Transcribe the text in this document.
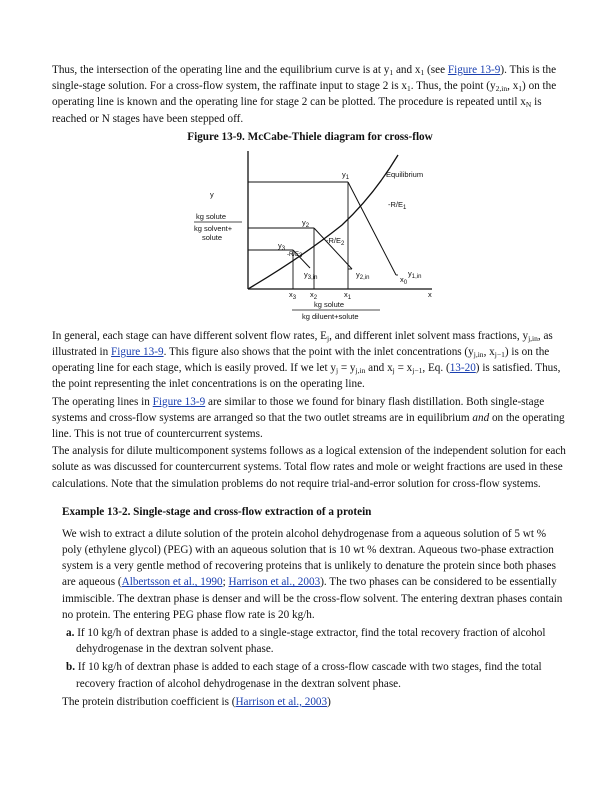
Thus, the intersection of the operating line and the equilibrium curve is at $y_1$ and $x_1$ (see Figure 13-9). This is the single-stage solution. For a cross-flow system, the raffinate input to stage 2 is $x_1$. Thus, the point ($y_{2,in}$, $x_1$) on the operating line is known and the operating line for stage 2 can be plotted. The procedure is repeated until $x_N$ is reached or N stages have been stepped off.

Figure 13-9. McCabe-Thiele diagram for cross-flow

Equilibrium
y
kg solute
kg solvent+
solute
$y_1$
$y_2$
$y_3$
-R/E3
$-R/E_2$
$-R/E_1$
$y_{3,in}$	$y_{2,in}$	$y_{1,in}$
$x_3$ $x_2$	$x_1$
$x_0$
x
kg solute
kg diluent+solute

In general, each stage can have different solvent flow rates, $E_j$, and different inlet solvent mass fractions, $y_{j,in}$, as illustrated in Figure 13-9. This figure also shows that the point with the inlet concentrations ($y_{j,in}$, $x_{j-1}$) is on the operating line for each stage, which is easily proved. If we let $y_j = y_{j,in}$ and $x_j = x_{j-1}$, Eq. (13-20) is satisfied. Thus, the point representing the inlet concentrations is on the operating line.

The operating lines in Figure 13-9 are similar to those we found for binary flash distillation. Both single-stage systems and cross-flow systems are arranged so that the two outlet streams are in equilibrium and on the operating line. This is not true of countercurrent systems.

The analysis for dilute multicomponent systems follows as a logical extension of the independent solution for each solute as was discussed for countercurrent systems. Total flow rates and mole or weight fractions are used in these calculations. Note that the simulation problems do not require trial-and-error solution for cross-flow systems.

Example 13-2. Single-stage and cross-flow extraction of a protein

We wish to extract a dilute solution of the protein alcohol dehydrogenase from a aqueous solution of 5 wt % poly (ethylene glycol) (PEG) with an aqueous solution that is 10 wt % dextran. Aqueous two-phase extraction system is a very gentle method of recovering proteins that is unlikely to denature the protein since both phases are aqueous (Albertsson et al., 1990; Harrison et al., 2003). The two phases can be considered to be essentially immiscible. The dextran phase is denser and will be the cross-flow solvent. The entering dextran phases contain no protein. The entering PEG phase flow rate is 20 kg/h.

a. If 10 kg/h of dextran phase is added to a single-stage extractor, find the total recovery fraction of alcohol dehydrogenase in the dextran solvent phase.

b. If 10 kg/h of dextran phase is added to each stage of a cross-flow cascade with two stages, find the total recovery fraction of alcohol dehydrogenase in the dextran solvent phase.

The protein distribution coefficient is (Harrison et al., 2003)
